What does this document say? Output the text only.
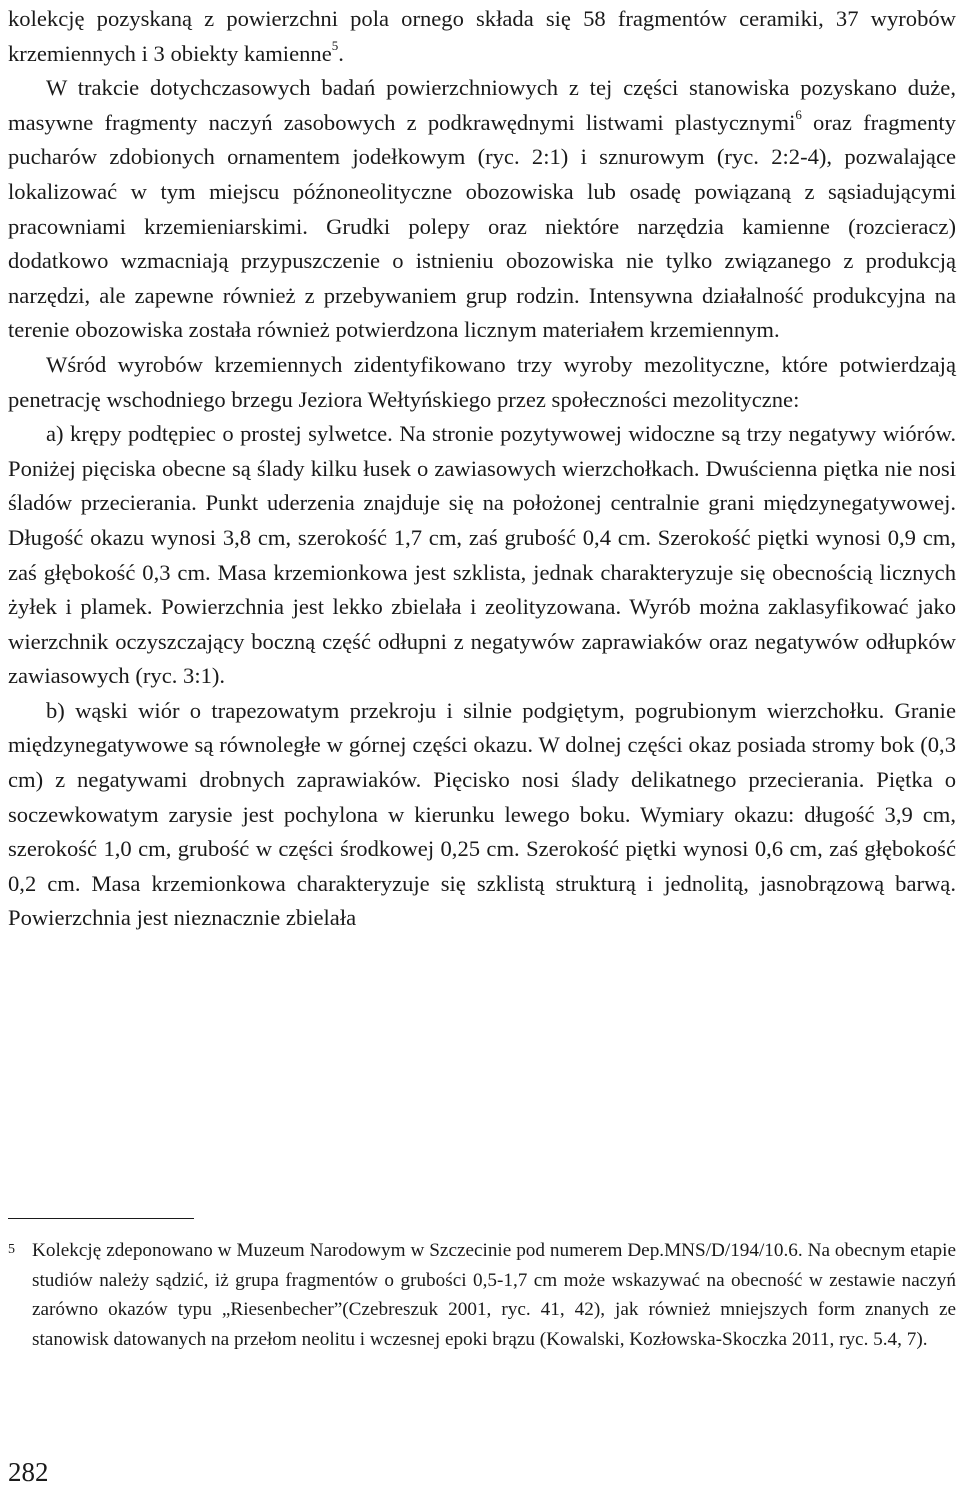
kolekcję pozyskaną z powierzchni pola ornego składa się 58 fragmentów ceramiki, 37 wyrobów krzemiennych i 3 obiekty kamienne$^5$.

W trakcie dotychczasowych badań powierzchniowych z tej części stanowiska pozyskano duże, masywne fragmenty naczyń zasobowych z podkrawędnymi listwami plastycznymi$^6$ oraz fragmenty pucharów zdobionych ornamentem jodełkowym (ryc. 2:1) i sznurowym (ryc. 2:2-4), pozwalające lokalizować w tym miejscu późnoneolityczne obozowiska lub osadę powiązaną z sąsiadującymi pracowniami krzemieniarskimi. Grudki polepy oraz niektóre narzędzia kamienne (rozcieracz) dodatkowo wzmacniają przypuszczenie o istnieniu obozowiska nie tylko związanego z produkcją narzędzi, ale zapewne również z przebywaniem grup rodzin. Intensywna działalność produkcyjna na terenie obozowiska została również potwierdzona licznym materiałem krzemiennym.

Wśród wyrobów krzemiennych zidentyfikowano trzy wyroby mezolityczne, które potwierdzają penetrację wschodniego brzegu Jeziora Wełtyńskiego przez społeczności mezolityczne:

a) krępy podtępiec o prostej sylwetce. Na stronie pozytywowej widoczne są trzy negatywy wiórów. Poniżej pięciska obecne są ślady kilku łusek o zawiasowych wierzchołkach. Dwuścienna piętka nie nosi śladów przecierania. Punkt uderzenia znajduje się na położonej centralnie grani międzynegatywowej. Długość okazu wynosi 3,8 cm, szerokość 1,7 cm, zaś grubość 0,4 cm. Szerokość piętki wynosi 0,9 cm, zaś głębokość 0,3 cm. Masa krzemionkowa jest szklista, jednak charakteryzuje się obecnością licznych żyłek i plamek. Powierzchnia jest lekko zbielała i zeolityzowana. Wyrób można zaklasyfikować jako wierzchnik oczyszczający boczną część odłupni z negatywów zaprawiaków oraz negatywów odłupków zawiasowych (ryc. 3:1).

b) wąski wiór o trapezowatym przekroju i silnie podgiętym, pogrubionym wierzchołku. Granie międzynegatywowe są równoległe w górnej części okazu. W dolnej części okaz posiada stromy bok (0,3 cm) z negatywami drobnych zaprawiaków. Pięcisko nosi ślady delikatnego przecierania. Piętka o soczewkowatym zarysie jest pochylona w kierunku lewego boku. Wymiary okazu: długość 3,9 cm, szerokość 1,0 cm, grubość w części środkowej 0,25 cm. Szerokość piętki wynosi 0,6 cm, zaś głębokość 0,2 cm. Masa krzemionkowa charakteryzuje się szklistą strukturą i jednolitą, jasnobrązową barwą. Powierzchnia jest nieznacznie zbielała

5 Kolekcję zdeponowano w Muzeum Narodowym w Szczecinie pod numerem Dep.MNS/D/194/10.6. Na obecnym etapie studiów należy sądzić, iż grupa fragmentów o grubości 0,5-1,7 cm może wskazywać na obecność w zestawie naczyń zarówno okazów typu „Riesenbecher”(Czebreszuk 2001, ryc. 41, 42), jak również mniejszych form znanych ze stanowisk datowanych na przełom neolitu i wczesnej epoki brązu (Kowalski, Kozłowska-Skoczka 2011, ryc. 5.4, 7).
282
